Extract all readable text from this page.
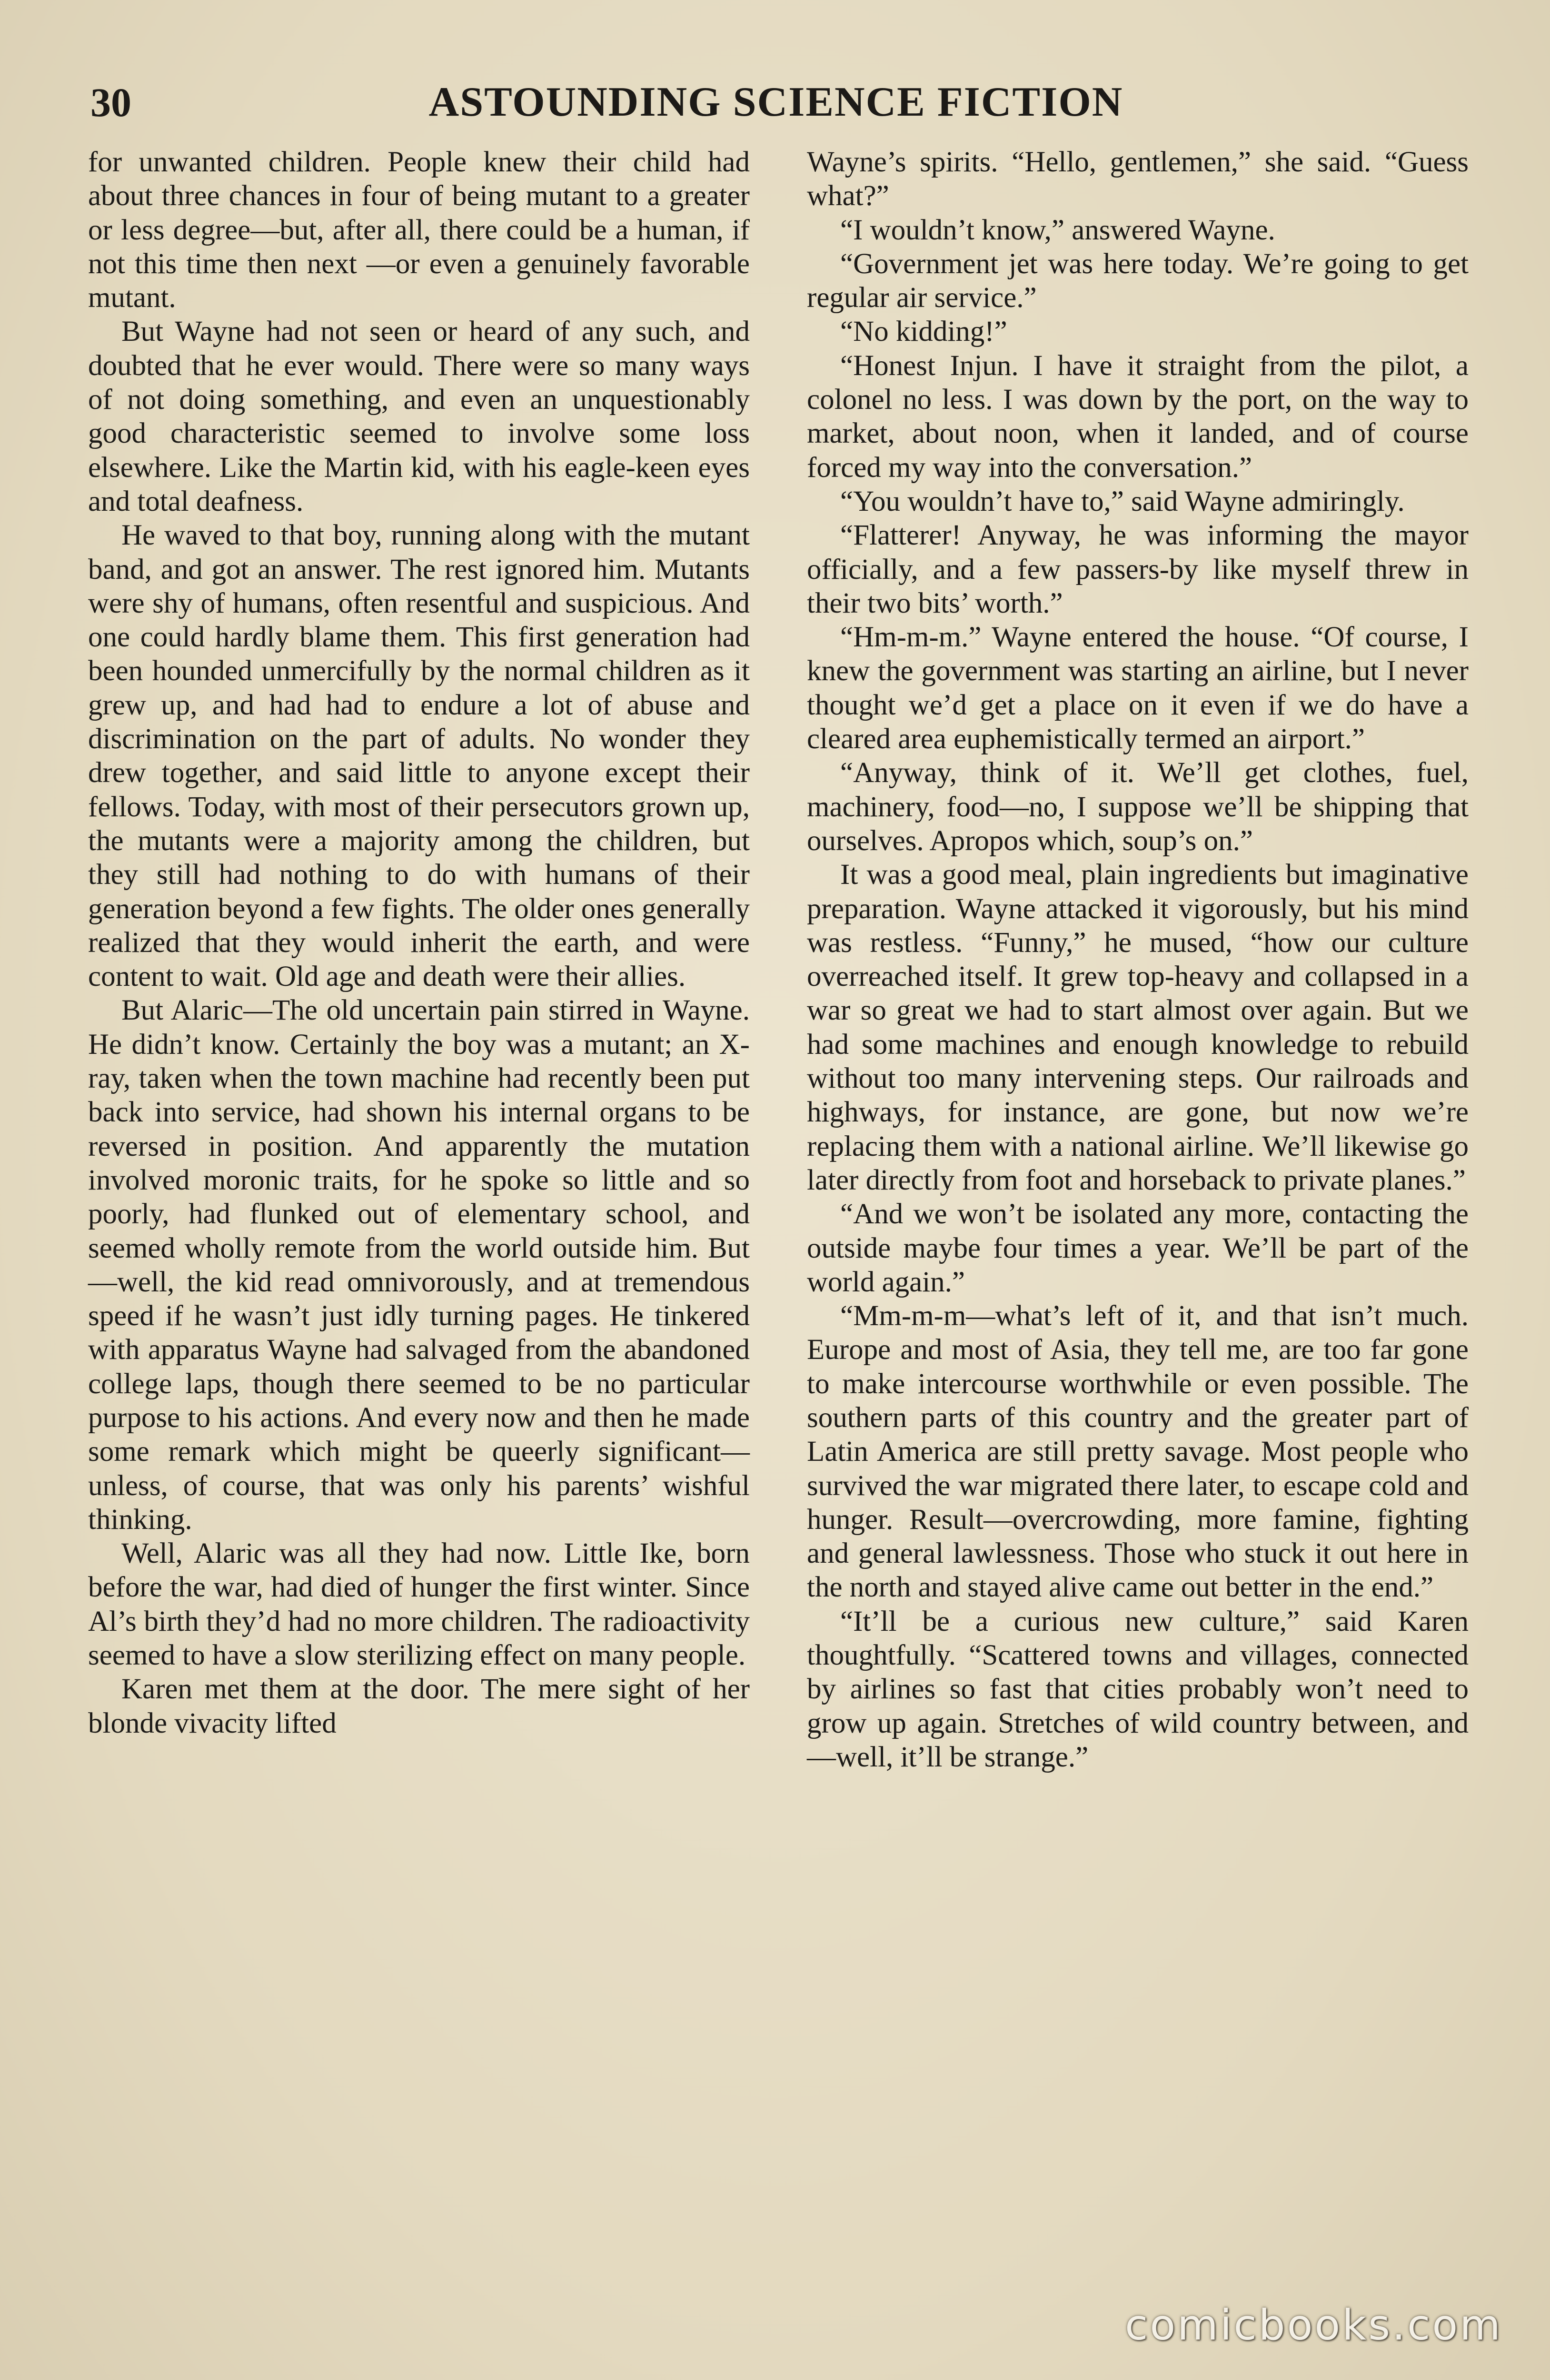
30	ASTOUNDING SCIENCE FICTION

for unwanted children. People knew their child had about three chances in four of being mutant to a greater or less degree—but, after all, there could be a human, if not this time then next —or even a genuinely favorable mutant.

But Wayne had not seen or heard of any such, and doubted that he ever would. There were so many ways of not doing something, and even an unquestionably good characteristic seemed to involve some loss elsewhere. Like the Martin kid, with his eagle-keen eyes and total deafness.

He waved to that boy, running along with the mutant band, and got an answer. The rest ignored him. Mutants were shy of humans, often resentful and suspicious. And one could hardly blame them. This first generation had been hounded unmercifully by the normal children as it grew up, and had had to endure a lot of abuse and discrimination on the part of adults. No wonder they drew together, and said little to anyone except their fellows. Today, with most of their persecutors grown up, the mutants were a majority among the children, but they still had nothing to do with humans of their generation beyond a few fights. The older ones generally realized that they would inherit the earth, and were content to wait. Old age and death were their allies.

But Alaric—The old uncertain pain stirred in Wayne. He didn’t know. Certainly the boy was a mutant; an X-ray, taken when the town machine had recently been put back into service, had shown his internal organs to be reversed in position. And apparently the mutation involved moronic traits, for he spoke so little and so poorly, had flunked out of elementary school, and seemed wholly remote from the world outside him. But —well, the kid read omnivorously, and at tremendous speed if he wasn’t just idly turning pages. He tinkered with apparatus Wayne had salvaged from the abandoned college laps, though there seemed to be no particular purpose to his actions. And every now and then he made some remark which might be queerly significant—unless, of course, that was only his parents’ wishful thinking.

Well, Alaric was all they had now. Little Ike, born before the war, had died of hunger the first winter. Since Al’s birth they’d had no more children. The radioactivity seemed to have a slow sterilizing effect on many people.

Karen met them at the door. The mere sight of her blonde vivacity lifted

Wayne’s spirits. “Hello, gentlemen,” she said. “Guess what?”

“I wouldn’t know,” answered Wayne.

“Government jet was here today. We’re going to get regular air service.”

“No kidding!”

“Honest Injun. I have it straight from the pilot, a colonel no less. I was down by the port, on the way to market, about noon, when it landed, and of course forced my way into the conversation.”

“You wouldn’t have to,” said Wayne admiringly.

“Flatterer! Anyway, he was informing the mayor officially, and a few passers-by like myself threw in their two bits’ worth.”

“Hm-m-m.” Wayne entered the house. “Of course, I knew the government was starting an airline, but I never thought we’d get a place on it even if we do have a cleared area euphemistically termed an airport.”

“Anyway, think of it. We’ll get clothes, fuel, machinery, food—no, I suppose we’ll be shipping that ourselves. Apropos which, soup’s on.”

It was a good meal, plain ingredients but imaginative preparation. Wayne attacked it vigorously, but his mind was restless. “Funny,” he mused, “how our culture overreached itself. It grew top-heavy and collapsed in a war so great we had to start almost over again. But we had some machines and enough knowledge to rebuild without too many intervening steps. Our railroads and highways, for instance, are gone, but now we’re replacing them with a national airline. We’ll likewise go later directly from foot and horseback to private planes.”

“And we won’t be isolated any more, contacting the outside maybe four times a year. We’ll be part of the world again.”

“Mm-m-m—what’s left of it, and that isn’t much. Europe and most of Asia, they tell me, are too far gone to make intercourse worthwhile or even possible. The southern parts of this country and the greater part of Latin America are still pretty savage. Most people who survived the war migrated there later, to escape cold and hunger. Result—overcrowding, more famine, fighting and general lawlessness. Those who stuck it out here in the north and stayed alive came out better in the end.”

“It’ll be a curious new culture,” said Karen thoughtfully. “Scattered towns and villages, connected by airlines so fast that cities probably won’t need to grow up again. Stretches of wild country between, and—well, it’ll be strange.”

comicbooks.com
